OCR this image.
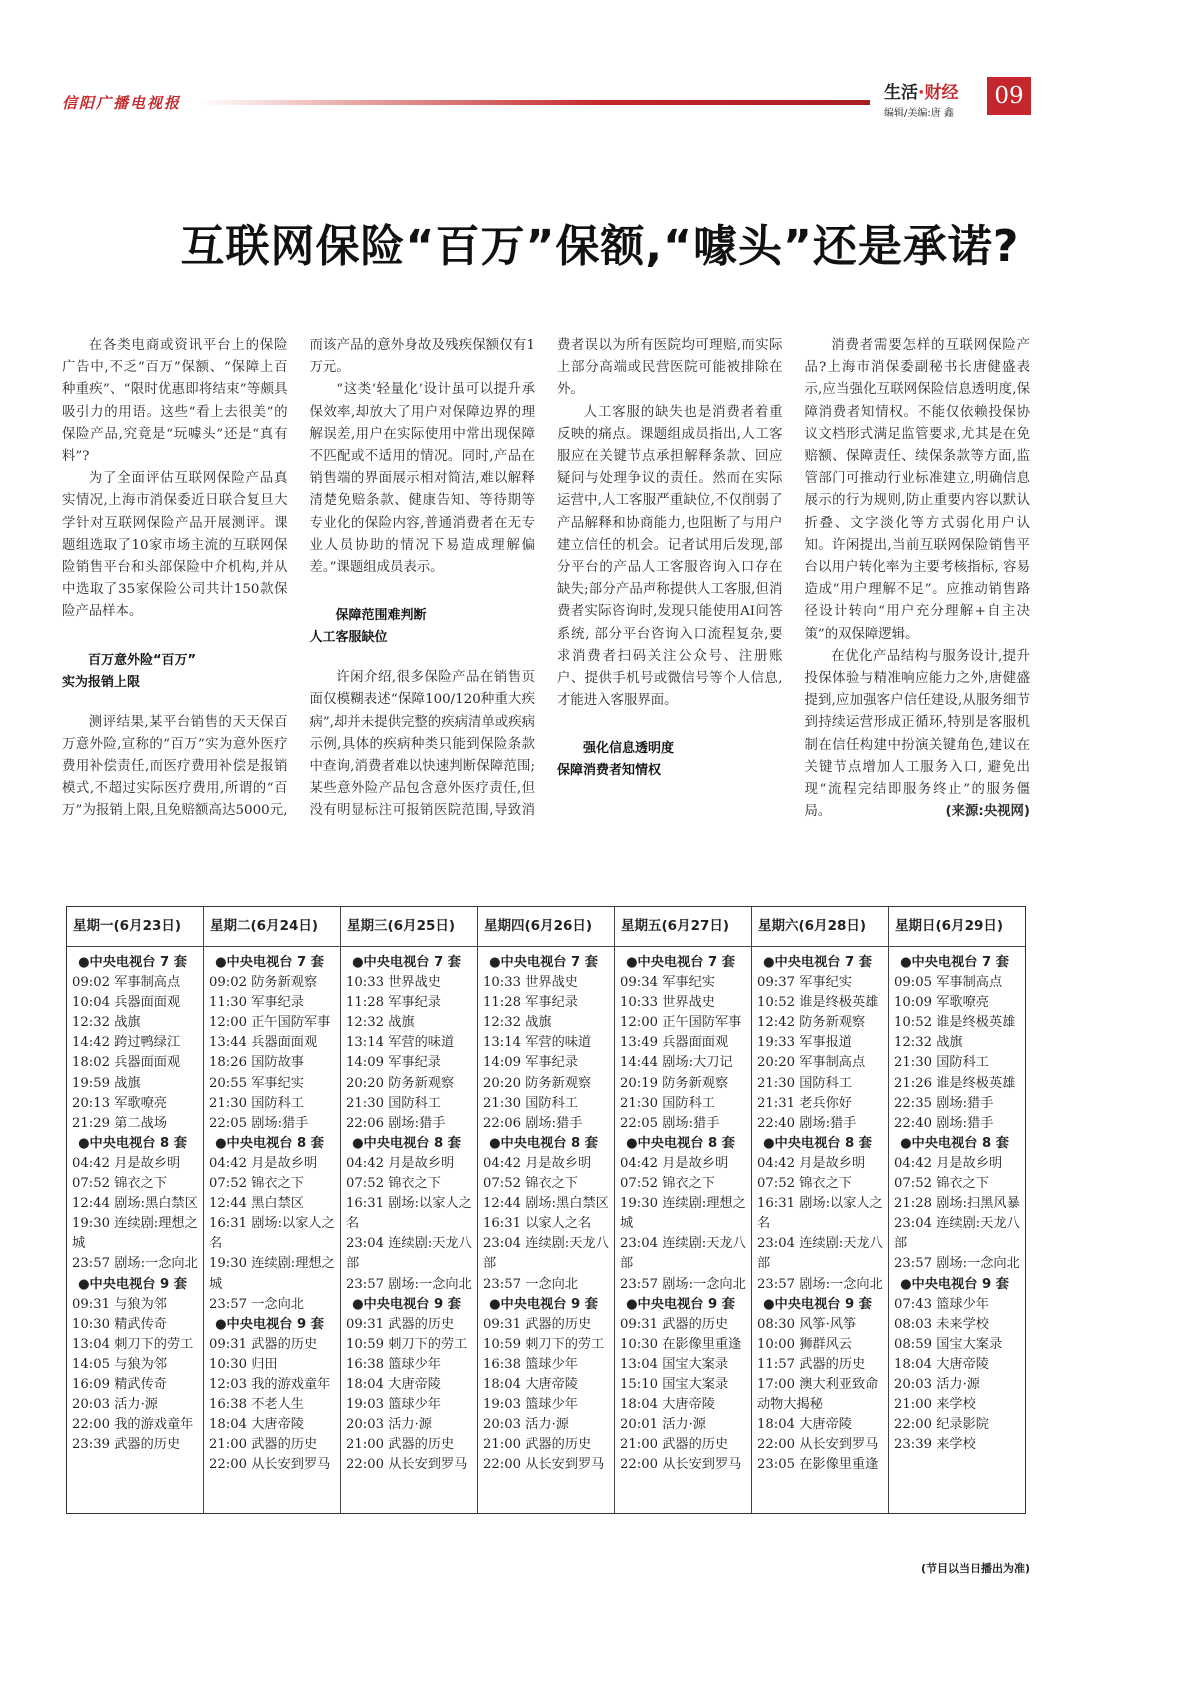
信阳广播电视报	生活·财经
编辑/美编:唐 鑫
09
互联网保险“百万”保额,“噱头”还是承诺?

在各类电商或资讯平台上的保险广告中,不乏“百万”保额、“保障上百种重疾”、“限时优惠即将结束”等颇具吸引力的用语。这些“看上去很美”的保险产品,究竟是“玩噱头”还是“真有料”?

为了全面评估互联网保险产品真实情况,上海市消保委近日联合复旦大学针对互联网保险产品开展测评。课题组选取了10家市场主流的互联网保险销售平台和头部保险中介机构,并从中选取了35家保险公司共计150款保险产品样本。

百万意外险“百万”
实为报销上限

测评结果,某平台销售的天天保百万意外险,宣称的“百万”实为意外医疗费用补偿责任,而医疗费用补偿是报销模式,不超过实际医疗费用,所谓的“百万”为报销上限,且免赔额高达5000元,而该产品的意外身故及残疾保额仅有1万元。

“这类‘轻量化’设计虽可以提升承保效率,却放大了用户对保障边界的理解误差,用户在实际使用中常出现保障不匹配或不适用的情况。同时,产品在销售端的界面展示相对简洁,难以解释清楚免赔条款、健康告知、等待期等专业化的保险内容,普通消费者在无专业人员协助的情况下易造成理解偏差。”课题组成员表示。

保障范围难判断
人工客服缺位

许闲介绍,很多保险产品在销售页面仅模糊表述“保障100/120种重大疾病”,却并未提供完整的疾病清单或疾病示例,具体的疾病种类只能到保险条款中查询,消费者难以快速判断保障范围;某些意外险产品包含意外医疗责任,但没有明显标注可报销医院范围,导致消费者误以为所有医院均可理赔,而实际上部分高端或民营医院可能被排除在外。

人工客服的缺失也是消费者着重反映的痛点。课题组成员指出,人工客服应在关键节点承担解释条款、回应疑问与处理争议的责任。然而在实际运营中,人工客服严重缺位,不仅削弱了产品解释和协商能力,也阻断了与用户建立信任的机会。记者试用后发现,部分平台的产品人工客服咨询入口存在缺失;部分产品声称提供人工客服,但消费者实际咨询时,发现只能使用AI问答系统, 部分平台咨询入口流程复杂,要求消费者扫码关注公众号、注册账户、提供手机号或微信号等个人信息,才能进入客服界面。

强化信息透明度
保障消费者知情权

消费者需要怎样的互联网保险产品?上海市消保委副秘书长唐健盛表示,应当强化互联网保险信息透明度,保障消费者知情权。不能仅依赖投保协议文档形式满足监管要求,尤其是在免赔额、保障责任、续保条款等方面,监管部门可推动行业标准建立,明确信息展示的行为规则,防止重要内容以默认折叠、文字淡化等方式弱化用户认知。许闲提出,当前互联网保险销售平台以用户转化率为主要考核指标, 容易造成“用户理解不足”。应推动销售路径设计转向“用户充分理解+自主决策”的双保障逻辑。

在优化产品结构与服务设计,提升投保体验与精准响应能力之外,唐健盛提到,应加强客户信任建设,从服务细节到持续运营形成正循环,特别是客服机制在信任构建中扮演关键角色,建议在关键节点增加人工服务入口, 避免出现“流程完结即服务终止”的服务僵局。	(来源:央视网)

星期一(6月23日)
●中央电视台 7 套
09:02 军事制高点
10:04 兵器面面观
12:32 战旗
14:42 跨过鸭绿江
18:02 兵器面面观
19:59 战旗
20:13 军歌嘹亮
21:29 第二战场
●中央电视台 8 套
04:42 月是故乡明
07:52 锦衣之下
12:44 剧场:黑白禁区
19:30 连续剧:理想之城
23:57 剧场:一念向北
●中央电视台 9 套
09:31 与狼为邻
10:30 精武传奇
13:04 刺刀下的劳工
14:05 与狼为邻
16:09 精武传奇
20:03 活力·源
22:00 我的游戏童年
23:39 武器的历史
星期二(6月24日)
●中央电视台 7 套
09:02 防务新观察
11:30 军事纪录
12:00 正午国防军事
13:44 兵器面面观
18:26 国防故事
20:55 军事纪实
21:30 国防科工
22:05 剧场:猎手
●中央电视台 8 套
04:42 月是故乡明
07:52 锦衣之下
12:44 黑白禁区
16:31 剧场:以家人之名
19:30 连续剧:理想之城
23:57 一念向北
●中央电视台 9 套
09:31 武器的历史
10:30 归田
12:03 我的游戏童年
16:38 不老人生
18:04 大唐帝陵
21:00 武器的历史
22:00 从长安到罗马
星期三(6月25日)
●中央电视台 7 套
10:33 世界战史
11:28 军事纪录
12:32 战旗
13:14 军营的味道
14:09 军事纪录
20:20 防务新观察
21:30 国防科工
22:06 剧场:猎手
●中央电视台 8 套
04:42 月是故乡明
07:52 锦衣之下
16:31 剧场:以家人之名
23:04 连续剧:天龙八部
23:57 剧场:一念向北
●中央电视台 9 套
09:31 武器的历史
10:59 刺刀下的劳工
16:38 篮球少年
18:04 大唐帝陵
19:03 篮球少年
20:03 活力·源
21:00 武器的历史
22:00 从长安到罗马
星期四(6月26日)
●中央电视台 7 套
10:33 世界战史
11:28 军事纪录
12:32 战旗
13:14 军营的味道
14:09 军事纪录
20:20 防务新观察
21:30 国防科工
22:06 剧场:猎手
●中央电视台 8 套
04:42 月是故乡明
07:52 锦衣之下
12:44 剧场:黑白禁区
16:31 以家人之名
23:04 连续剧:天龙八部
23:57 一念向北
●中央电视台 9 套
09:31 武器的历史
10:59 刺刀下的劳工
16:38 篮球少年
18:04 大唐帝陵
19:03 篮球少年
20:03 活力·源
21:00 武器的历史
22:00 从长安到罗马
星期五(6月27日)
●中央电视台 7 套
09:34 军事纪实
10:33 世界战史
12:00 正午国防军事
13:49 兵器面面观
14:44 剧场:大刀记
20:19 防务新观察
21:30 国防科工
22:05 剧场:猎手
●中央电视台 8 套
04:42 月是故乡明
07:52 锦衣之下
19:30 连续剧:理想之城
23:04 连续剧:天龙八部
23:57 剧场:一念向北
●中央电视台 9 套
09:31 武器的历史
10:30 在影像里重逢
13:04 国宝大案录
15:10 国宝大案录
18:04 大唐帝陵
20:01 活力·源
21:00 武器的历史
22:00 从长安到罗马
星期六(6月28日)
●中央电视台 7 套
09:37 军事纪实
10:52 谁是终极英雄
12:42 防务新观察
19:33 军事报道
20:20 军事制高点
21:30 国防科工
21:31 老兵你好
22:40 剧场:猎手
●中央电视台 8 套
04:42 月是故乡明
07:52 锦衣之下
16:31 剧场:以家人之名
23:04 连续剧:天龙八部
23:57 剧场:一念向北
●中央电视台 9 套
08:30 风筝·风筝
10:00 狮群风云
11:57 武器的历史
17:00 澳大利亚致命动物大揭秘
18:04 大唐帝陵
22:00 从长安到罗马
23:05 在影像里重逢
星期日(6月29日)
●中央电视台 7 套
09:05 军事制高点
10:09 军歌嘹亮
10:52 谁是终极英雄
12:32 战旗
21:30 国防科工
21:26 谁是终极英雄
22:35 剧场:猎手
22:40 剧场:猎手
●中央电视台 8 套
04:42 月是故乡明
07:52 锦衣之下
21:28 剧场:扫黑风暴
23:04 连续剧:天龙八部
23:57 剧场:一念向北
●中央电视台 9 套
07:43 篮球少年
08:03 未来学校
08:59 国宝大案录
18:04 大唐帝陵
20:03 活力·源
21:00 来学校
22:00 纪录影院
23:39 来学校
(节目以当日播出为准)
